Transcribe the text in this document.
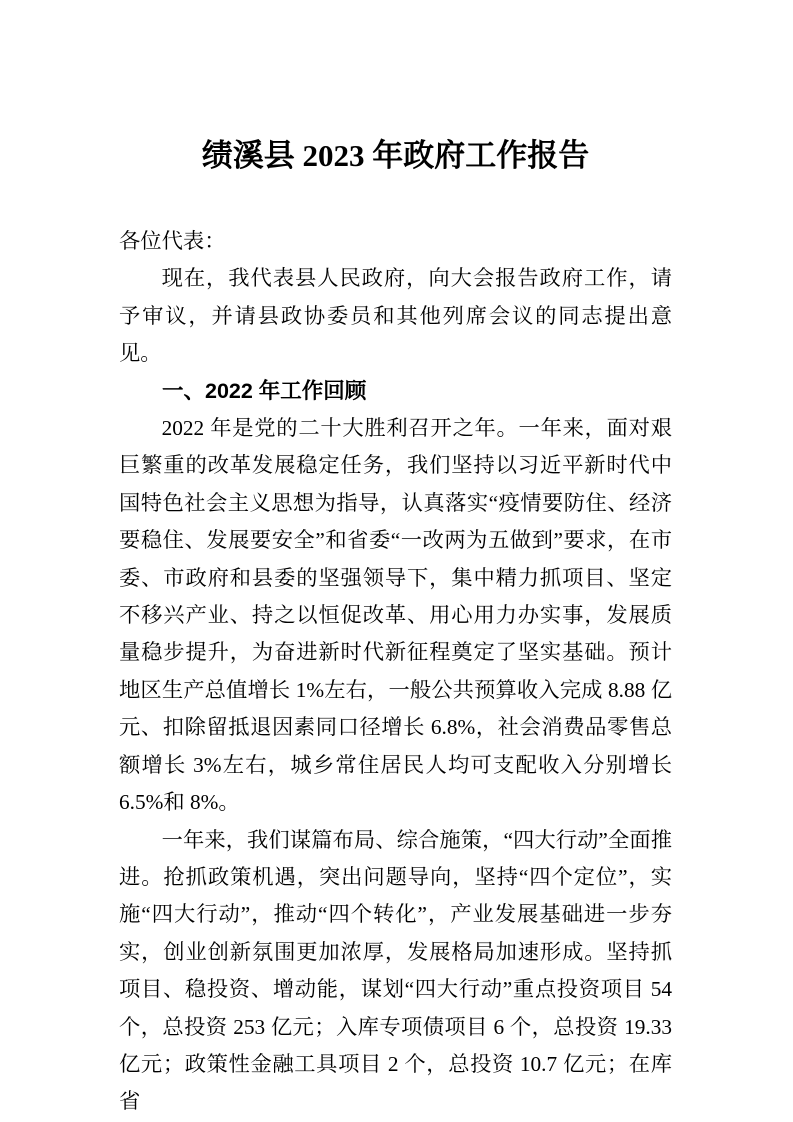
绩溪县 2023 年政府工作报告

各位代表：

现在，我代表县人民政府，向大会报告政府工作，请予审议，并请县政协委员和其他列席会议的同志提出意见。

一、2022 年工作回顾

2022 年是党的二十大胜利召开之年。一年来，面对艰巨繁重的改革发展稳定任务，我们坚持以习近平新时代中国特色社会主义思想为指导，认真落实“疫情要防住、经济要稳住、发展要安全”和省委“一改两为五做到”要求，在市委、市政府和县委的坚强领导下，集中精力抓项目、坚定不移兴产业、持之以恒促改革、用心用力办实事，发展质量稳步提升，为奋进新时代新征程奠定了坚实基础。预计地区生产总值增长 1%左右，一般公共预算收入完成 8.88 亿元、扣除留抵退因素同口径增长 6.8%，社会消费品零售总额增长 3%左右，城乡常住居民人均可支配收入分别增长 6.5%和 8%。

一年来，我们谋篇布局、综合施策，“四大行动”全面推进。抢抓政策机遇，突出问题导向，坚持“四个定位”，实施“四大行动”，推动“四个转化”，产业发展基础进一步夯实，创业创新氛围更加浓厚，发展格局加速形成。坚持抓项目、稳投资、增动能，谋划“四大行动”重点投资项目 54 个，总投资 253 亿元；入库专项债项目 6 个，总投资 19.33 亿元；政策性金融工具项目 2 个，总投资 10.7 亿元；在库省
